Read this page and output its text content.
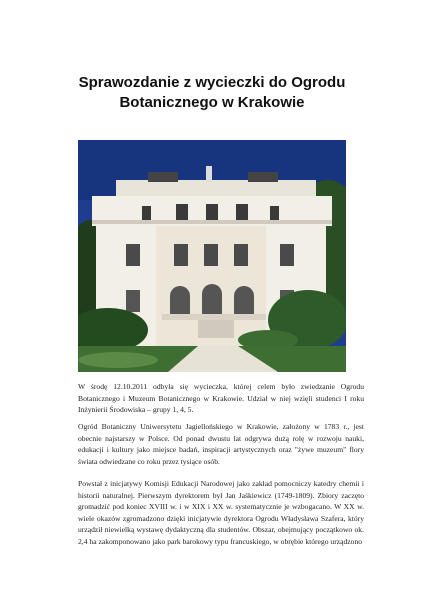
Sprawozdanie z wycieczki do Ogrodu
Botanicznego w Krakowie

W środę 12.10.2011 odbyła się wycieczka, której celem było zwiedzanie Ogrodu Botanicznego i Muzeum Botanicznego w Krakowie. Udział w niej wzięli studenci I roku Inżynierii Środowiska – grupy 1, 4, 5.

Ogród Botaniczny Uniwersytetu Jagiellońskiego w Krakowie, założony w 1783 r., jest obecnie najstarszy w Polsce. Od ponad dwustu lat odgrywa dużą rolę w rozwoju nauki, edukacji i kultury jako miejsce badań, inspiracji artystycznych oraz "żywe muzeum" flory świata odwiedzane co roku przez tysiące osób.

Powstał z inicjatywy Komisji Edukacji Narodowej jako zakład pomocniczy katedry chemii i historii naturalnej. Pierwszym dyrektorem był Jan Jaśkiewicz (1749-1809). Zbiory zaczęto gromadzić pod koniec XVIII w. i w XIX i XX w. systematycznie je wzbogacano. W XX w. wiele okazów zgromadzono dzięki inicjatywie dyrektora Ogrodu Władysława Szafera, który urządził niewielką wystawę dydaktyczną dla studentów. Obszar, obejmujący początkowo ok. 2,4 ha zakomponowano jako park barokowy typu francuskiego, w obrębie którego urządzono
